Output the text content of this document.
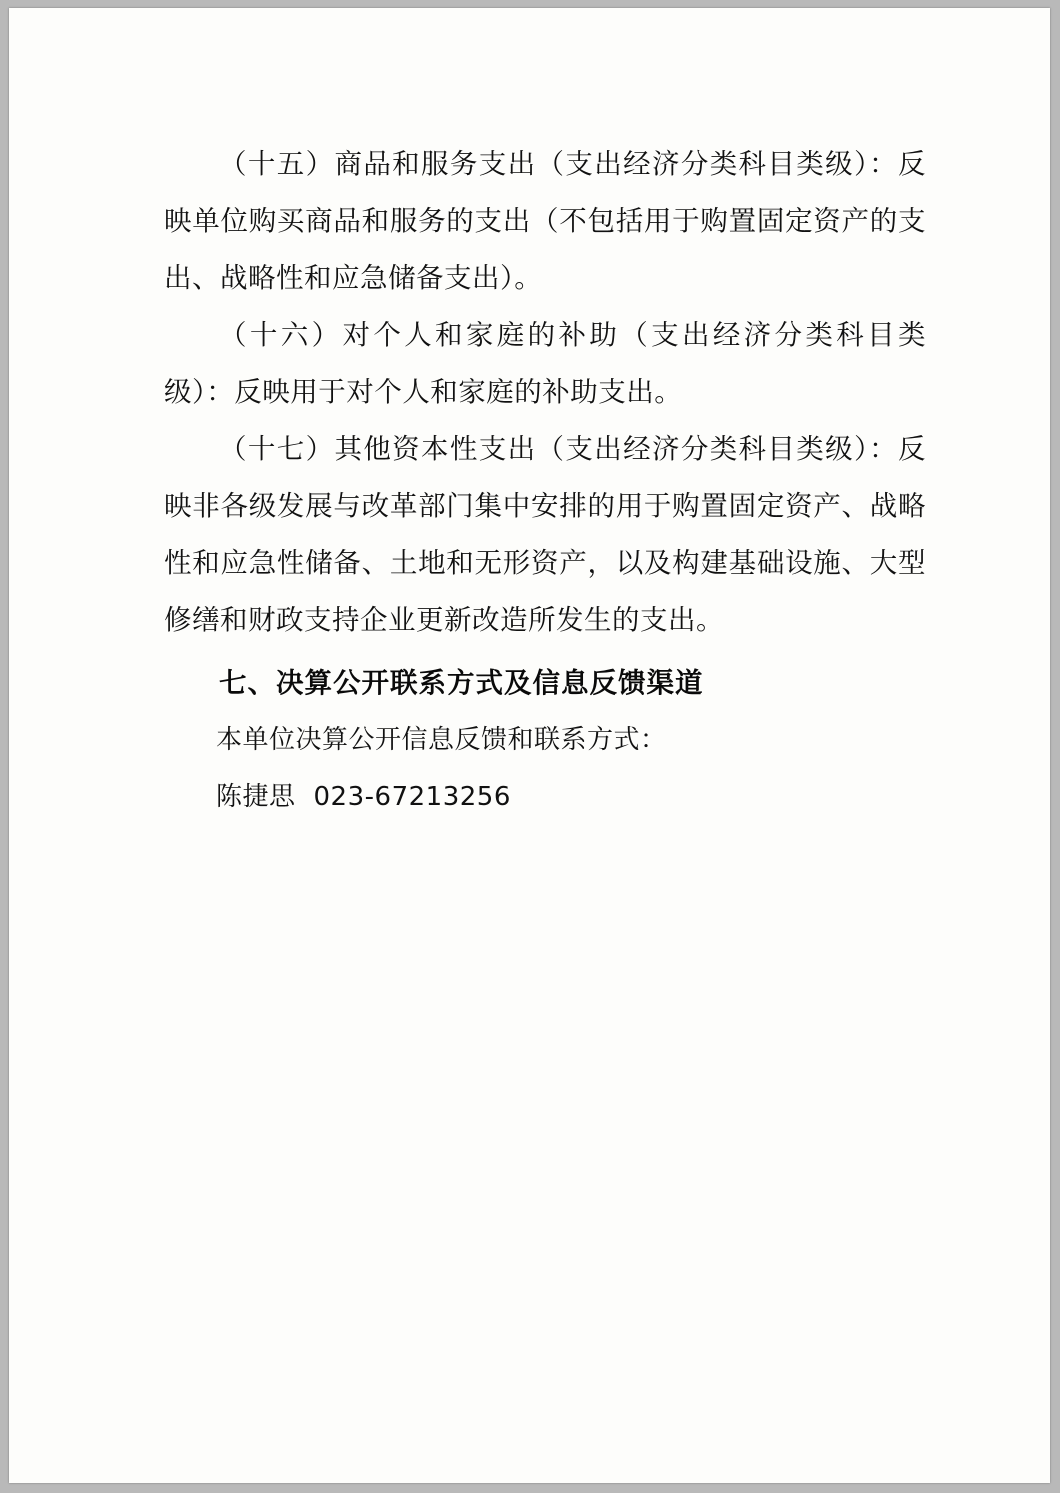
（十五）商品和服务支出（支出经济分类科目类级）：反映单位购买商品和服务的支出（不包括用于购置固定资产的支出、战略性和应急储备支出）。

（十六）对个人和家庭的补助（支出经济分类科目类级）：反映用于对个人和家庭的补助支出。

（十七）其他资本性支出（支出经济分类科目类级）：反映非各级发展与改革部门集中安排的用于购置固定资产、战略性和应急性储备、土地和无形资产，以及构建基础设施、大型修缮和财政支持企业更新改造所发生的支出。

七、决算公开联系方式及信息反馈渠道

本单位决算公开信息反馈和联系方式：

陈捷思 023-67213256
